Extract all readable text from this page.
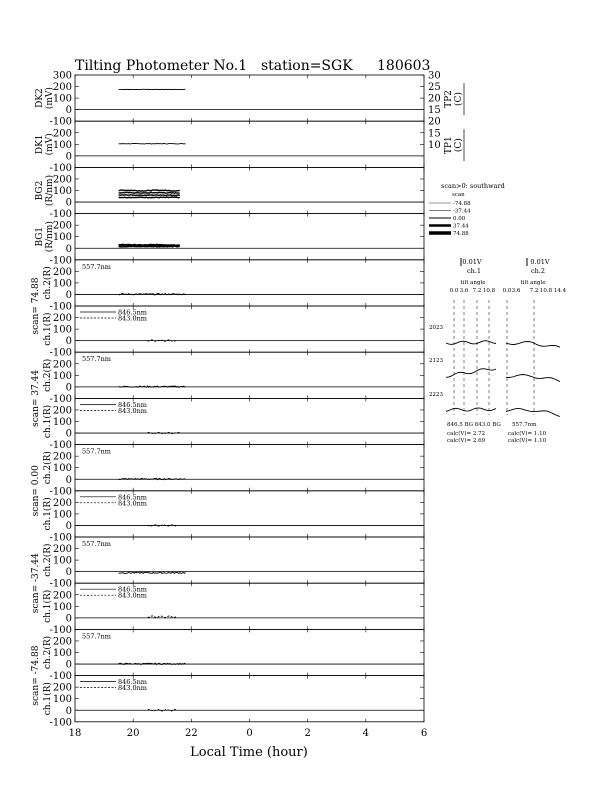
Tilting Photometer No.1 station=SGK 180603
-100
0
100
200
300
DK2 (mV)
30
25
20
15
TP2 (C)
-100
0
100
200
DK1 (mV)
20
15
10 TP1 (C)
-100
0
100
200
BG2 (R/nm)
-100
0
100
200
BG1 (R/nm)
-100
0
100
200
ch.2(R)
scan= 74.88
557.7nm
-100
0
100
200
ch.1(R)	846.5nm
843.0nm
-100
0
100
200
ch.2(R)
scan= 37.44
557.7nm
-100
0
100
200
ch.1(R)	846.5nm
843.0nm
-100
0
100
200
ch.2(R)
scan= 0.00
557.7nm
-100
0
100
200
ch.1(R)	846.5nm
843.0nm
-100
0
100
200
ch.2(R)
scan= -37.44
557.7nm
-100
0
100
200
ch.1(R)	846.5nm
843.0nm
-100
0
100
200
ch.2(R)
scan= -74.88
557.7nm
-100
0
100
200
ch.1(R)	846.5nm
843.0nm
18	20	22	0	2	4	6
Local Time (hour)
scan>0: southward
scan
-74.88
-37.44
0.00
37.44
74.88
0.01V
ch.1
tilt angle
0.01V
ch.2
tilt angle
0.0 3.6 7.2 10.8 0.0 3.6 7.2 10.8 14.4
2023
2123
2223
846.5 BG 843.0 BG 557.7nm
calc(V)= 2.72
calc(V)= 2.69
calc(V)= 1.10
calc(V)= 1.10
